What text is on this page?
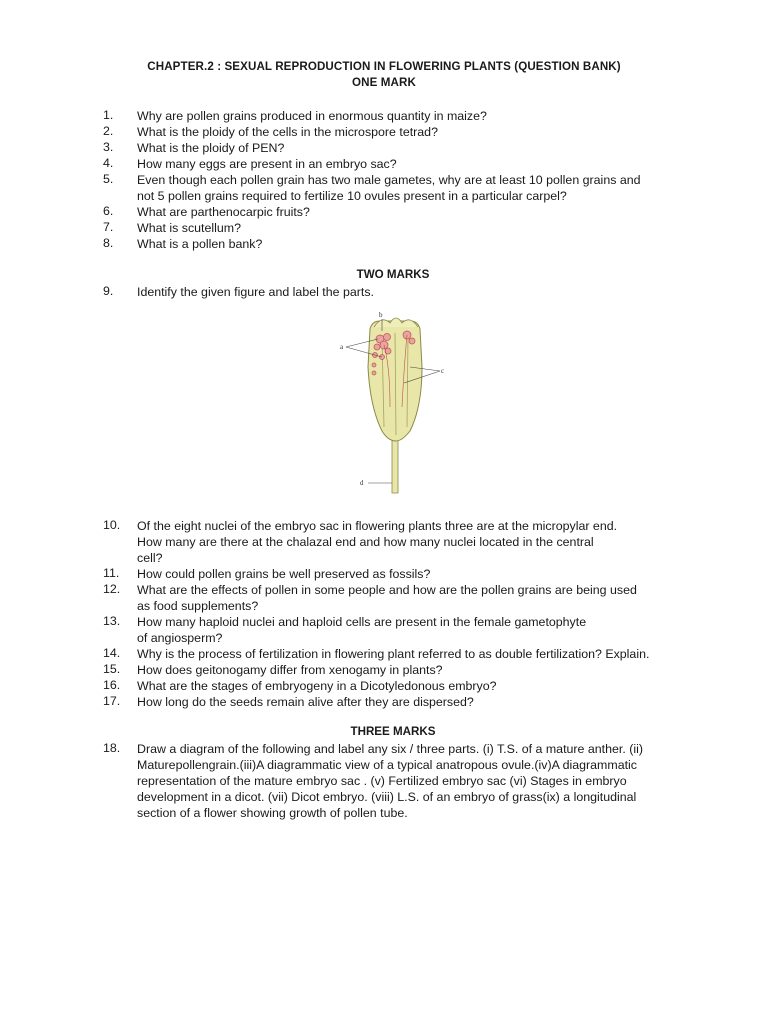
CHAPTER.2 : SEXUAL REPRODUCTION IN FLOWERING PLANTS (QUESTION BANK)
ONE MARK
1. Why are pollen grains produced in enormous quantity in maize?
2. What is the ploidy of the cells in the microspore tetrad?
3. What is the ploidy of PEN?
4. How many eggs are present in an embryo sac?
5. Even though each pollen grain has two male gametes, why are at least 10 pollen grains and
not 5 pollen grains required to fertilize 10 ovules present in a particular carpel?
6. What are parthenocarpic fruits?
7. What is scutellum?
8. What is a pollen bank?
TWO MARKS
9. Identify the given figure and label the parts.
a
b
c
d
10. Of the eight nuclei of the embryo sac in flowering plants three are at the micropylar end.
How many are there at the chalazal end and how many nuclei located in the central
cell?
11. How could pollen grains be well preserved as fossils?
12. What are the effects of pollen in some people and how are the pollen grains are being used
as food supplements?
13. How many haploid nuclei and haploid cells are present in the female gametophyte
of angiosperm?
14. Why is the process of fertilization in flowering plant referred to as double fertilization? Explain.
15. How does geitonogamy differ from xenogamy in plants?
16. What are the stages of embryogeny in a Dicotyledonous embryo?
17. How long do the seeds remain alive after they are dispersed?
THREE MARKS
18. Draw a diagram of the following and label any six / three parts. (i) T.S. of a mature anther. (ii)
Maturepollengrain.(iii)A diagrammatic view of a typical anatropous ovule.(iv)A diagrammatic
representation of the mature embryo sac . (v) Fertilized embryo sac (vi) Stages in embryo
development in a dicot. (vii) Dicot embryo. (viii) L.S. of an embryo of grass(ix) a longitudinal
section of a flower showing growth of pollen tube.
